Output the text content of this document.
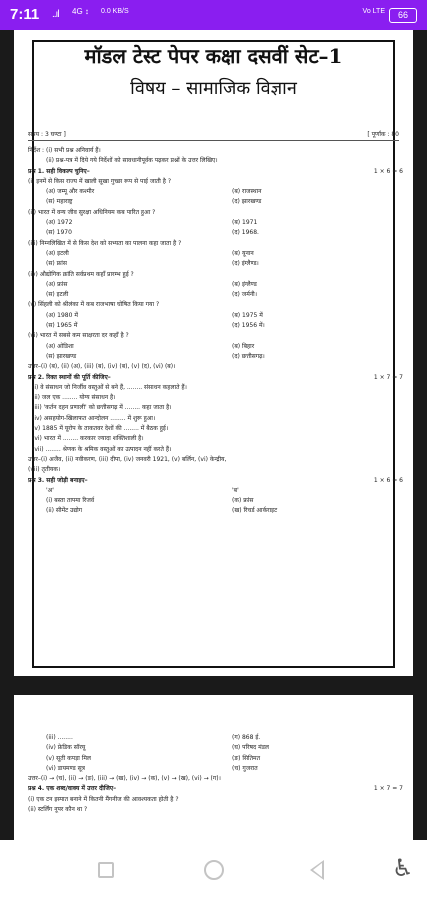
7:11 ..ıl 4G ↕ 0.0 KB/S	Vo LTE	66
मॉडल टेस्ट पेपर कक्षा दसवीं सेट–1
विषय – सामाजिक विज्ञान
[ पूर्णांक : 80
समय : 3 घण्टा ]

निर्देश : (i) सभी प्रश्न अनिवार्य हैं।

(ii) प्रश्न-पत्र में दिये गये निर्देशों को सावधानीपूर्वक पढ़कर प्रश्नों के उत्तर लिखिए।

1 × 6 = 6
प्रश्न 1. सही विकल्प चुनिए–

(i) इनमें से किस राज्य में खाली सूखा गुच्छा रूप से पाई जाती है ?

(अ) जम्मू और कश्मीर	(ब) राजस्थान

(स) महाराष्ट्र	(द) झारखण्ड

(ii) भारत में वन्य जीव सुरक्षा अधिनियम कब पारित हुआ ?

(अ) 1972	(ब) 1971

(स) 1970	(द) 1968.

(iii) निम्नलिखित में से किस देश को सभ्यता का पालना कहा जाता है ?

(अ) इटली	(ब) यूनान

(स) फ्रांस	(द) इंग्लैण्ड।

(iv) औद्योगिक क्रांति सर्वप्रथम कहाँ प्रारम्भ हुई ?

(अ) फ्रांस	(ब) इंग्लैण्ड

(स) इटली	(द) जर्मनी।

(v) सिंहली को श्रीलंका में कब राजभाषा घोषित किया गया ?

(अ) 1980 में	(ब) 1975 में

(स) 1965 में	(द) 1956 में।

(vi) भारत में सबसे कम साक्षरता दर कहाँ है ?

(अ) ओडिशा	(ब) बिहार

(स) झारखण्ड	(द) छत्तीसगढ़।

उत्तर–(i) (ब), (ii) (अ), (iii) (ब), (iv) (ब), (v) (द), (vi) (ब)।

1 × 7 = 7
प्रश्न 2. रिक्त स्थानों की पूर्ति कीजिए–

(i) वे संसाधन जो निर्जीव वस्तुओं से बने हैं, ........ संसाधन कहलाते हैं।

(ii) जल एक ........ योग्य संसाधन है।

(iii) 'कर्तन दहन प्रणाली' को छत्तीसगढ़ में ........ कहा जाता है।

(iv) असहयोग-खिलाफत आन्दोलन ........ में शुरू हुआ।

(v) 1885 में यूरोप के ताकतवर देशों की ........ में बैठक हुई।

(vi) भारत में ........ करकार ज्यादा शक्तिशाली है।

(vii) ........ श्रेणक के श्रमिक वस्तुओं का उत्पादन नहीं करते हैं।

उत्तर–(i) अजैव, (ii) नवीकरण, (iii) दीपा, (iv) जनवरी 1921, (v) बर्लिन, (vi) केन्द्रीय,

(vii) तृतीयक।

1 × 6 = 6
प्रश्न 3. सही जोड़ी बनाइए–

'अ'	'ब'

(i) बस्ता तापमा रिजर्व	(क) फ्रांस

(ii) सीमेंट उद्योग	(ख) रिचर्ड आर्कराइट

(iii) ........	(ग) 868 ई.

(iv) फ्रेडिक सॉरयू	(घ) परिषद मंडल

(v) सूती कपड़ा मिल	(ङ) सितिमत

(vi) डायमण्ड सूत्र	(च) गुजरात

उत्तर–(i) → (च), (ii) → (ङ), (iii) → (ख), (iv) → (क), (v) → (ख), (vi) → (ग)।

1 × 7 = 7
प्रश्न 4. एक शब्द/वाक्य में उत्तर दीजिए–

(i) एक टन इस्पात बनाने में कितनी मैंगनीज की आवश्यकता होती है ?

(ii) स्टर्लिंग नूपर कौन था ?

♿
